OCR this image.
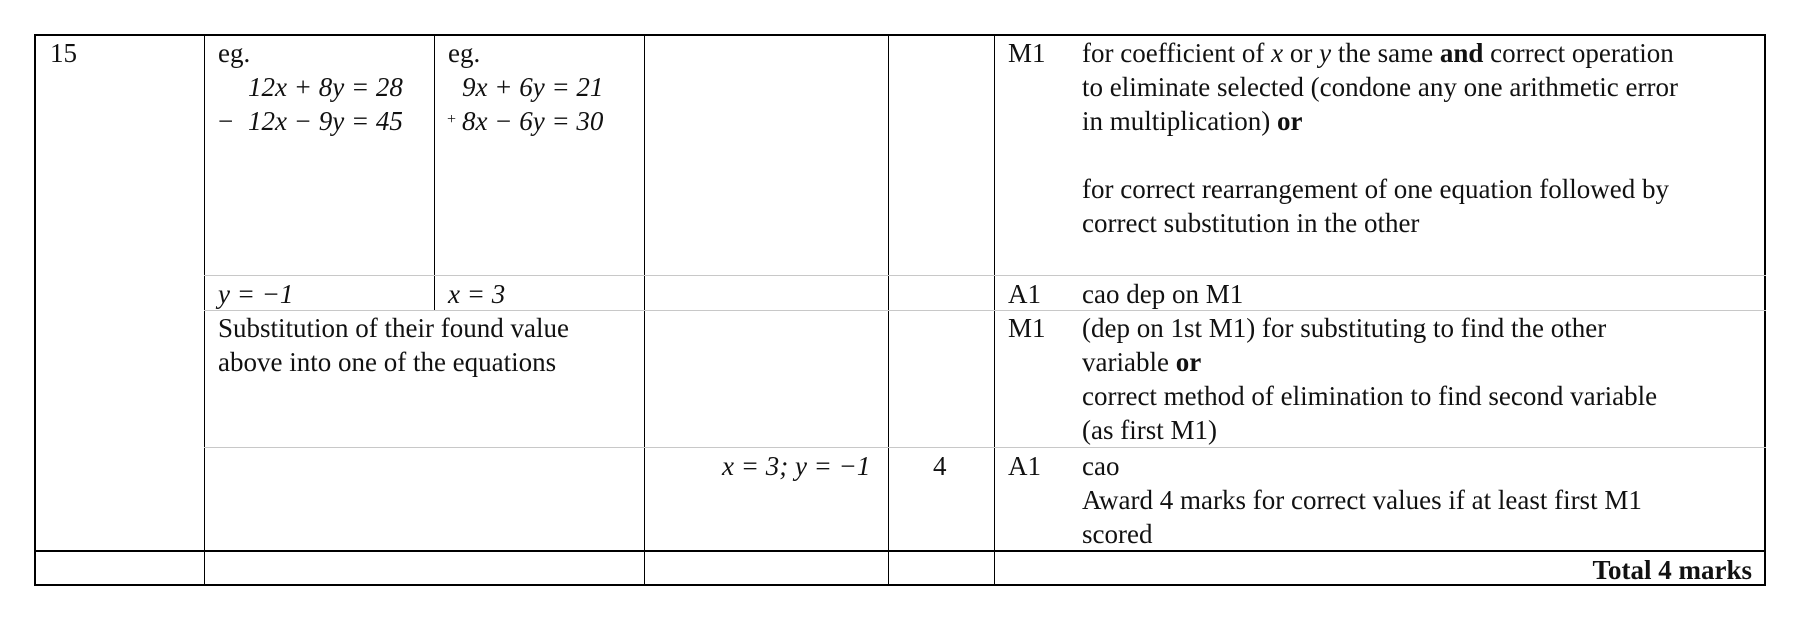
15	eg.
12x + 8y = 28
− 12x − 9y = 45
y = −1
eg.
9x + 6y = 21
+ 8x − 6y = 30
x = 3
M1 for coefficient of x or y the same and correct operation
to eliminate selected (condone any one arithmetic error
in multiplication) or
for correct rearrangement of one equation followed by
correct substitution in the other
A1 cao dep on M1
Substitution of their found value
above into one of the equations
M1 (dep on 1st M1) for substituting to find the other
variable or
correct method of elimination to find second variable
(as first M1)
x = 3; y = −1 4 A1 cao
Award 4 marks for correct values if at least first M1
scored
Total 4 marks
